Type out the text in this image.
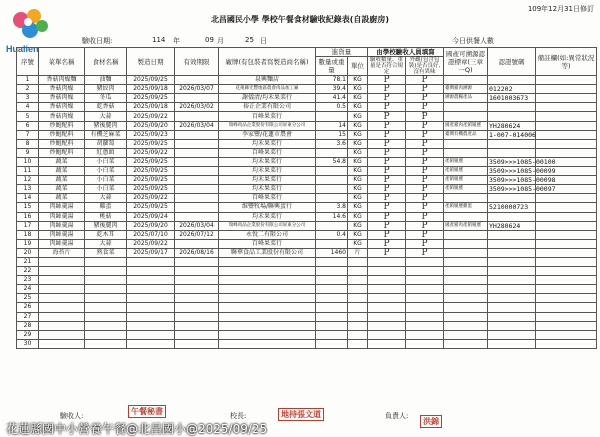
Hualien
109年12月31日修訂
北昌國民小學 學校午餐食材驗收紀錄表(自設廚房)
驗收日期:	114 年	09 月	25 日	今日供餐人數
序號	菜單名稱	食材名稱	製造日期	有效期限	廠牌(有包裝者寫製造商名稱)	進貨量		由學校驗收人員填寫		國產可溯源認證標章(三章一Q)	認證號碼	備註欄(如:異常狀況等)
						數量或重量	單位	驗收數量、重量是否符合規定	外觀(包含包裝)是否良好,沒有異味			
1	香菇肉燥麵	油麵	2025/09/25		泉興麵店	78.1	KG	P	P			
2	香菇肉燥	豬絞肉	2025/09/18	2026/03/07	花蓮縣光豐地區農會肉品加工廠	39.4	KG	P	P	臺灣豬肉溯源	012202	
3	香菇肉燥	冬瓜	2025/09/25		謝儀清/均禾果菜行	41.4	KG	P	P	溯源農糧產品	1601003673	
4	香菇肉燥	乾香菇	2025/09/18	2026/03/02	裕正企業有限公司	0.5	KG	P	P			
5	香菇肉燥	大蒜	2025/09/22		百峰果菜行		KG	P	P			
6	炒鮑配料	豬後腿肉	2025/09/20	2026/03/04	瑞峰肉品企業股份有限公司屏東分公司	14	KG	P	P	國產豬肉產銷履歷	YH280624	
7	炒鮑配料	有機芝麻菜	2025/09/23		李家豐/花蓮市農會	15	KG	P	P	臺灣有機農產品	1-007-014006	
8	炒鮑配料	胡蘿蔔	2025/09/25		均禾果菜行	3.6	KG	P	P			
9	炒鮑配料	紅蔥頭	2025/09/22		百峰果菜行		KG	P	P			
10	蔬菜	小白菜	2025/09/25		均禾果菜行	54.8	KG	P	P	產銷履歷	3509>>>1085-00100	
11	蔬菜	小白菜	2025/09/25		均禾果菜行		KG	P	P	產銷履歷	3509>>>1085-00099	
12	蔬菜	小白菜	2025/09/25		均禾果菜行		KG	P	P	產銷履歷	3509>>>1085-00098	
13	蔬菜	小白菜	2025/09/25		均禾果菜行		KG	P	P	產銷履歷	3509>>>1085-00097	
14	蔬菜	大蒜	2025/09/22		百峰果菜行		KG	P	P			
15	肉絲羹湯	雞蛋	2025/09/25		维豐牧場/聯興蛋行	3.8	KG	P	P	產銷履歷雞蛋	5210000723	
16	肉絲羹湯	桃菇	2025/09/24		均禾果菜行	14.6	KG	P	P			
17	肉絲羹湯	豬後腿肉	2025/09/20	2026/03/04	瑞峰肉品企業股份有限公司屏東分公司		KG	P	P	國產豬肉產銷履歷	YH280624	
18	肉絲羹湯	乾木耳	2025/07/10	2026/07/12	永悅二有限公司	0.4	KG	P	P			
19	肉絲羹湯	大蒜	2025/09/22		百峰果菜行		KG	P	P			
20	海苔片	熟食菜	2025/09/17	2026/08/16	聯華食品工業股份有限公司	1460	片	P	P			
21												
22												
23												
24												
25												
26												
27												
28												
29												
30												
驗收人:	午餐秘書	校長:	地持張文道	負責人:	洪錦
花蓮縣國中小營養午餐@北昌國小@2025/09/25
